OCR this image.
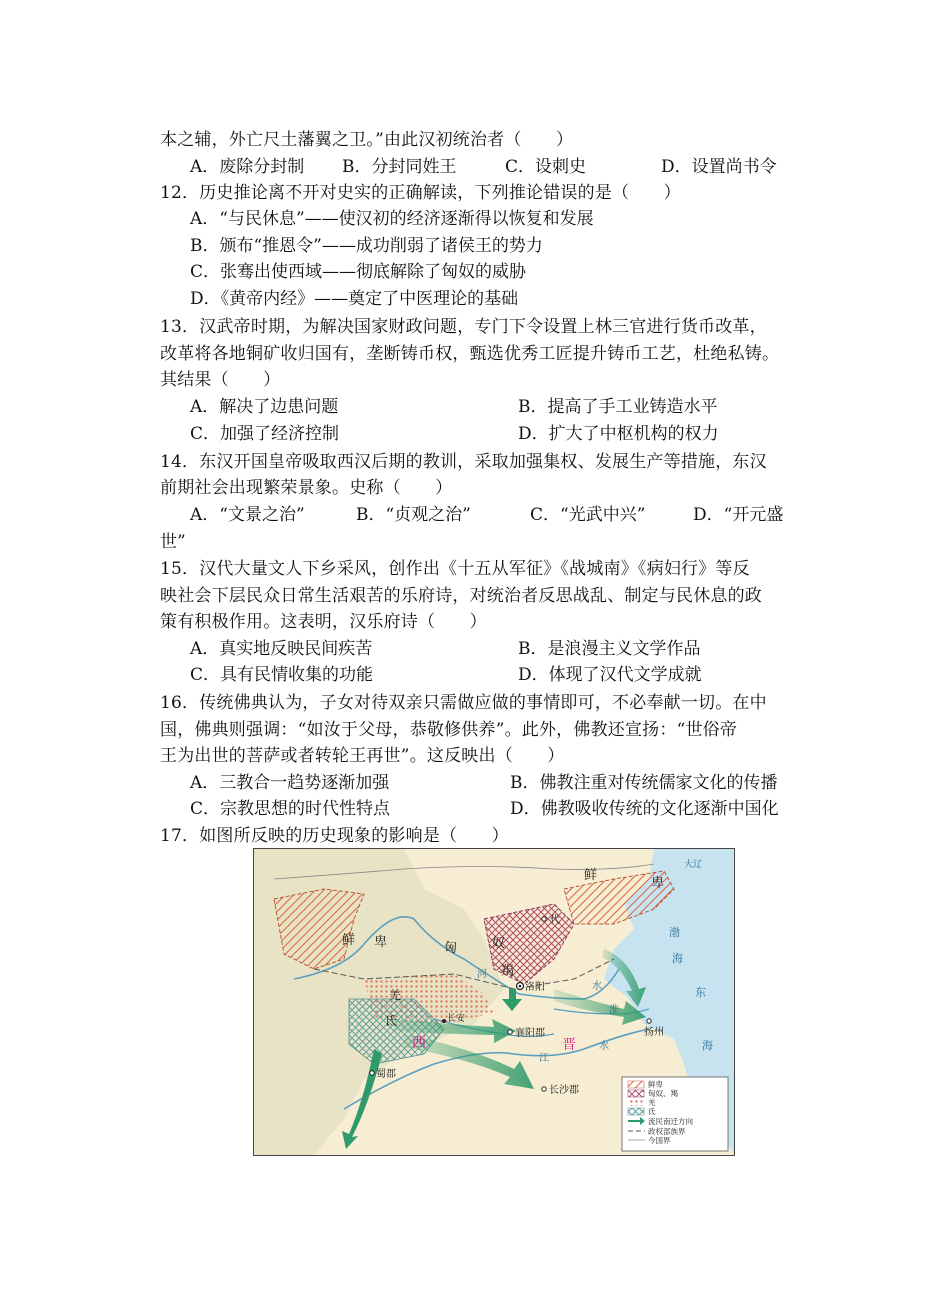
本之辅，外亡尺土藩翼之卫。”由此汉初统治者（　　）
A．废除分封制 B．分封同姓王	C．设刺史	D．设置尚书令
12．历史推论离不开对史实的正确解读，下列推论错误的是（　　）
A．“与民休息”——使汉初的经济逐渐得以恢复和发展
B．颁布“推恩令”——成功削弱了诸侯王的势力
C．张骞出使西域——彻底解除了匈奴的威胁
D．《黄帝内经》——奠定了中医理论的基础
13．汉武帝时期，为解决国家财政问题，专门下令设置上林三官进行货币改革，
改革将各地铜矿收归国有，垄断铸币权，甄选优秀工匠提升铸币工艺，杜绝私铸。
其结果（　　）
A．解决了边患问题	B．提高了手工业铸造水平
C．加强了经济控制	D．扩大了中枢机构的权力
14．东汉开国皇帝吸取西汉后期的教训，采取加强集权、发展生产等措施，东汉
前期社会出现繁荣景象。史称（　　）
A．“文景之治”	B．“贞观之治”	C．“光武中兴”	D．“开元盛
世”
15．汉代大量文人下乡采风，创作出《十五从军征》《战城南》《病妇行》等反
映社会下层民众日常生活艰苦的乐府诗，对统治者反思战乱、制定与民休息的政
策有积极作用。这表明，汉乐府诗（　　）
A．真实地反映民间疾苦	B．是浪漫主义文学作品
C．具有民情收集的功能	D．体现了汉代文学成就
16．传统佛典认为，子女对待双亲只需做应做的事情即可，不必奉献一切。在中
国，佛典则强调：“如汝于父母，恭敬修供养”。此外，佛教还宣扬：“世俗帝
王为出世的菩萨或者转轮王再世”。这反映出（　　）
A．三教合一趋势逐渐加强	B．佛教注重对传统儒家文化的传播
C．宗教思想的时代性特点	D．佛教吸收传统的文化逐渐中国化
17．如图所反映的历史现象的影响是（　　）
鲜
卑
鲜 卑	匈	奴
羯
羌
氐
代
洛阳
长安
襄阳郡
蜀郡
长沙郡
扬州
渤
海
东
海
河
水
江
水
淮
大辽
西	晋
鲜卑
匈奴、羯
羌
氐
流民南迁方向
政权部族界
今国界
